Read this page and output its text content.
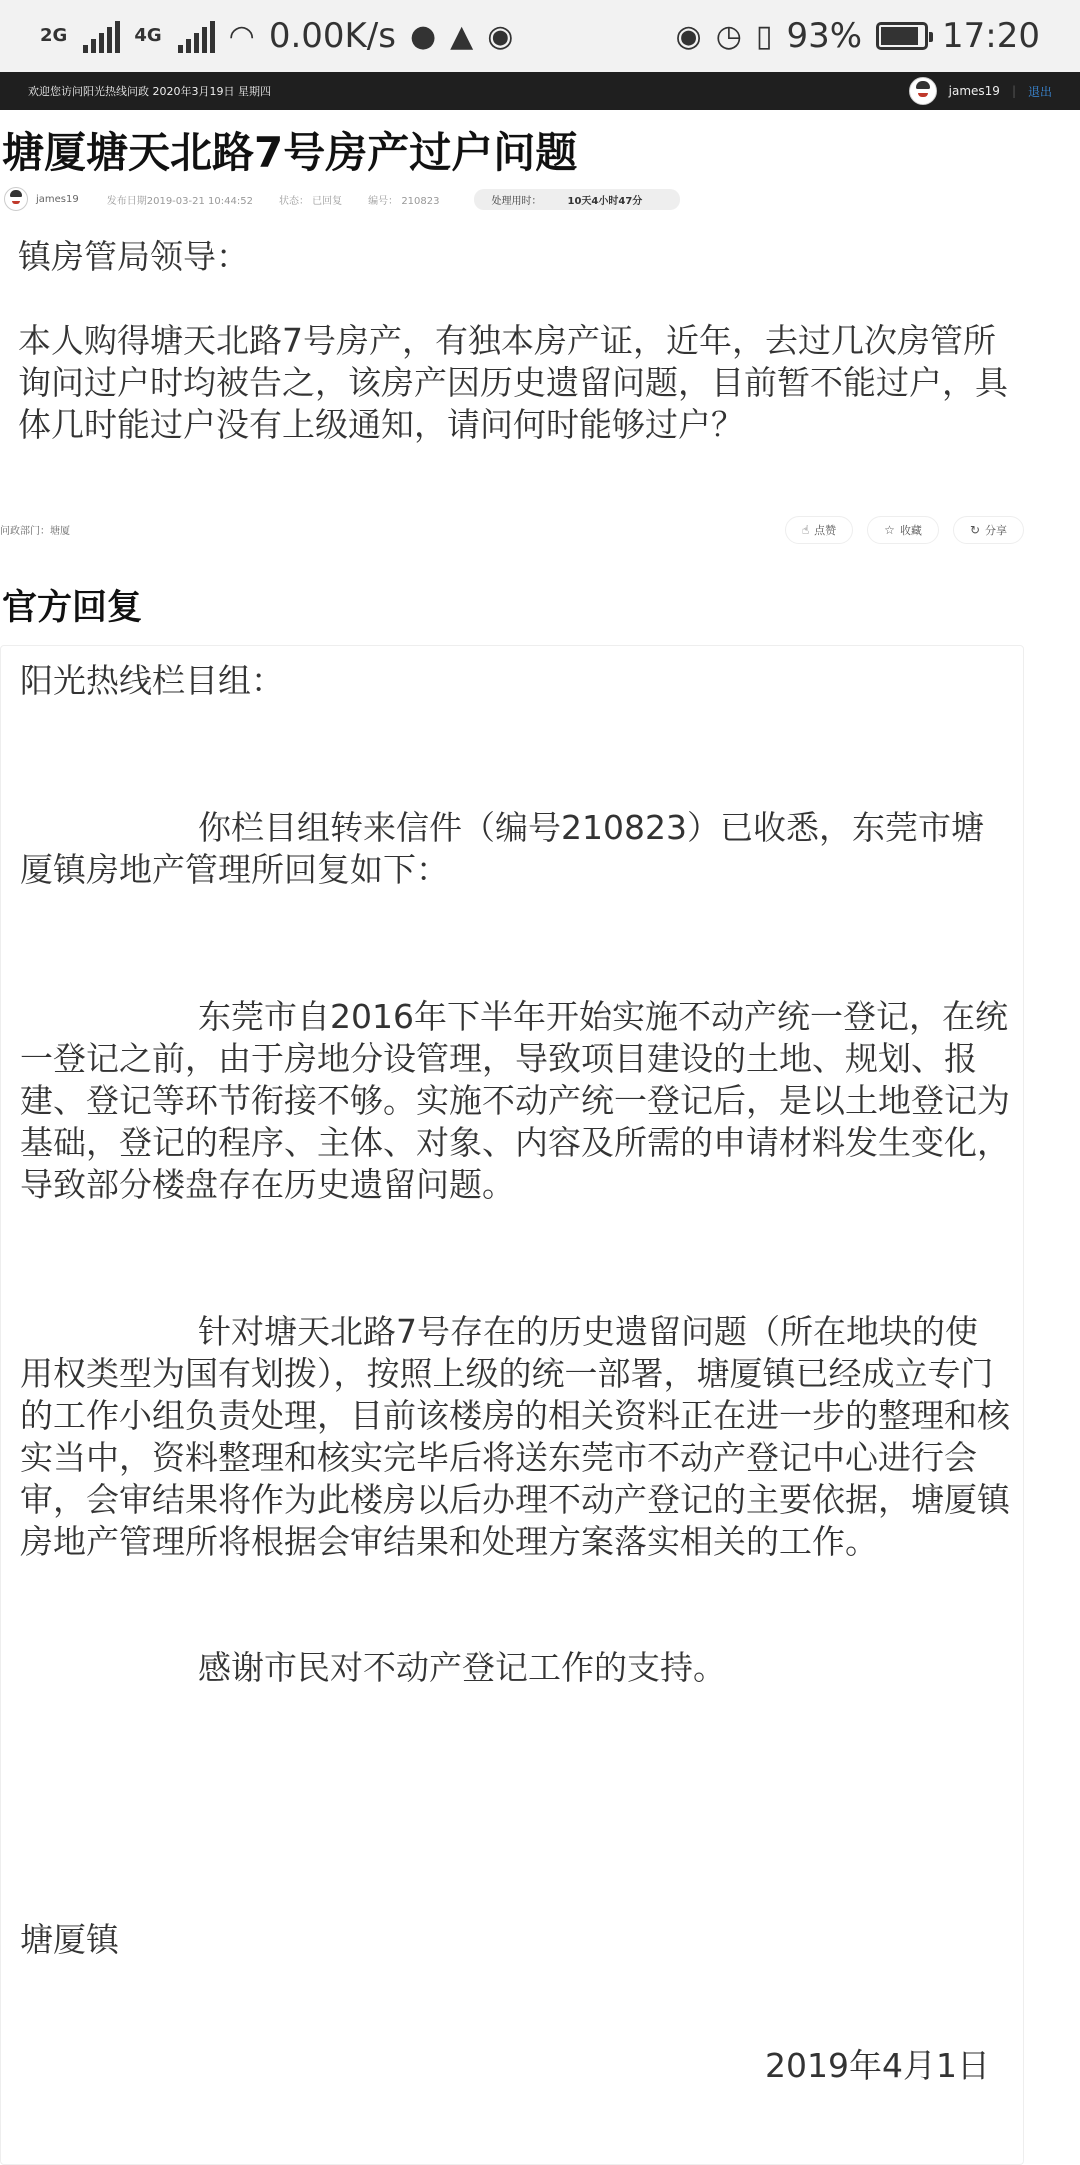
2G	4G ◠ 0.00K/s ● ▲ ◉	◉ ◷ ▯ 93% 17:20
欢迎您访问阳光热线问政 2020年3月19日 星期四	james19 | 退出
塘厦塘天北路7号房产过户问题
james19	发布日期2019-03-21 10:44:52	状态： 已回复	编号： 210823	处理用时：	10天4小时47分

镇房管局领导：

本人购得塘天北路7号房产，有独本房产证，近年，去过几次房管所询问过户时均被告之，该房产因历史遗留问题，目前暂不能过户，具体几时能过户没有上级通知，请问何时能够过户？

问政部门：塘厦	☝ 点赞	☆ 收藏	↻ 分享
官方回复

阳光热线栏目组：

你栏目组转来信件（编号210823）已收悉，东莞市塘厦镇房地产管理所回复如下：

东莞市自2016年下半年开始实施不动产统一登记，在统一登记之前，由于房地分设管理，导致项目建设的土地、规划、报建、登记等环节衔接不够。实施不动产统一登记后，是以土地登记为基础，登记的程序、主体、对象、内容及所需的申请材料发生变化，导致部分楼盘存在历史遗留问题。

针对塘天北路7号存在的历史遗留问题（所在地块的使用权类型为国有划拨），按照上级的统一部署，塘厦镇已经成立专门的工作小组负责处理，目前该楼房的相关资料正在进一步的整理和核实当中，资料整理和核实完毕后将送东莞市不动产登记中心进行会审，会审结果将作为此楼房以后办理不动产登记的主要依据，塘厦镇房地产管理所将根据会审结果和处理方案落实相关的工作。

感谢市民对不动产登记工作的支持。

塘厦镇

2019年4月1日
